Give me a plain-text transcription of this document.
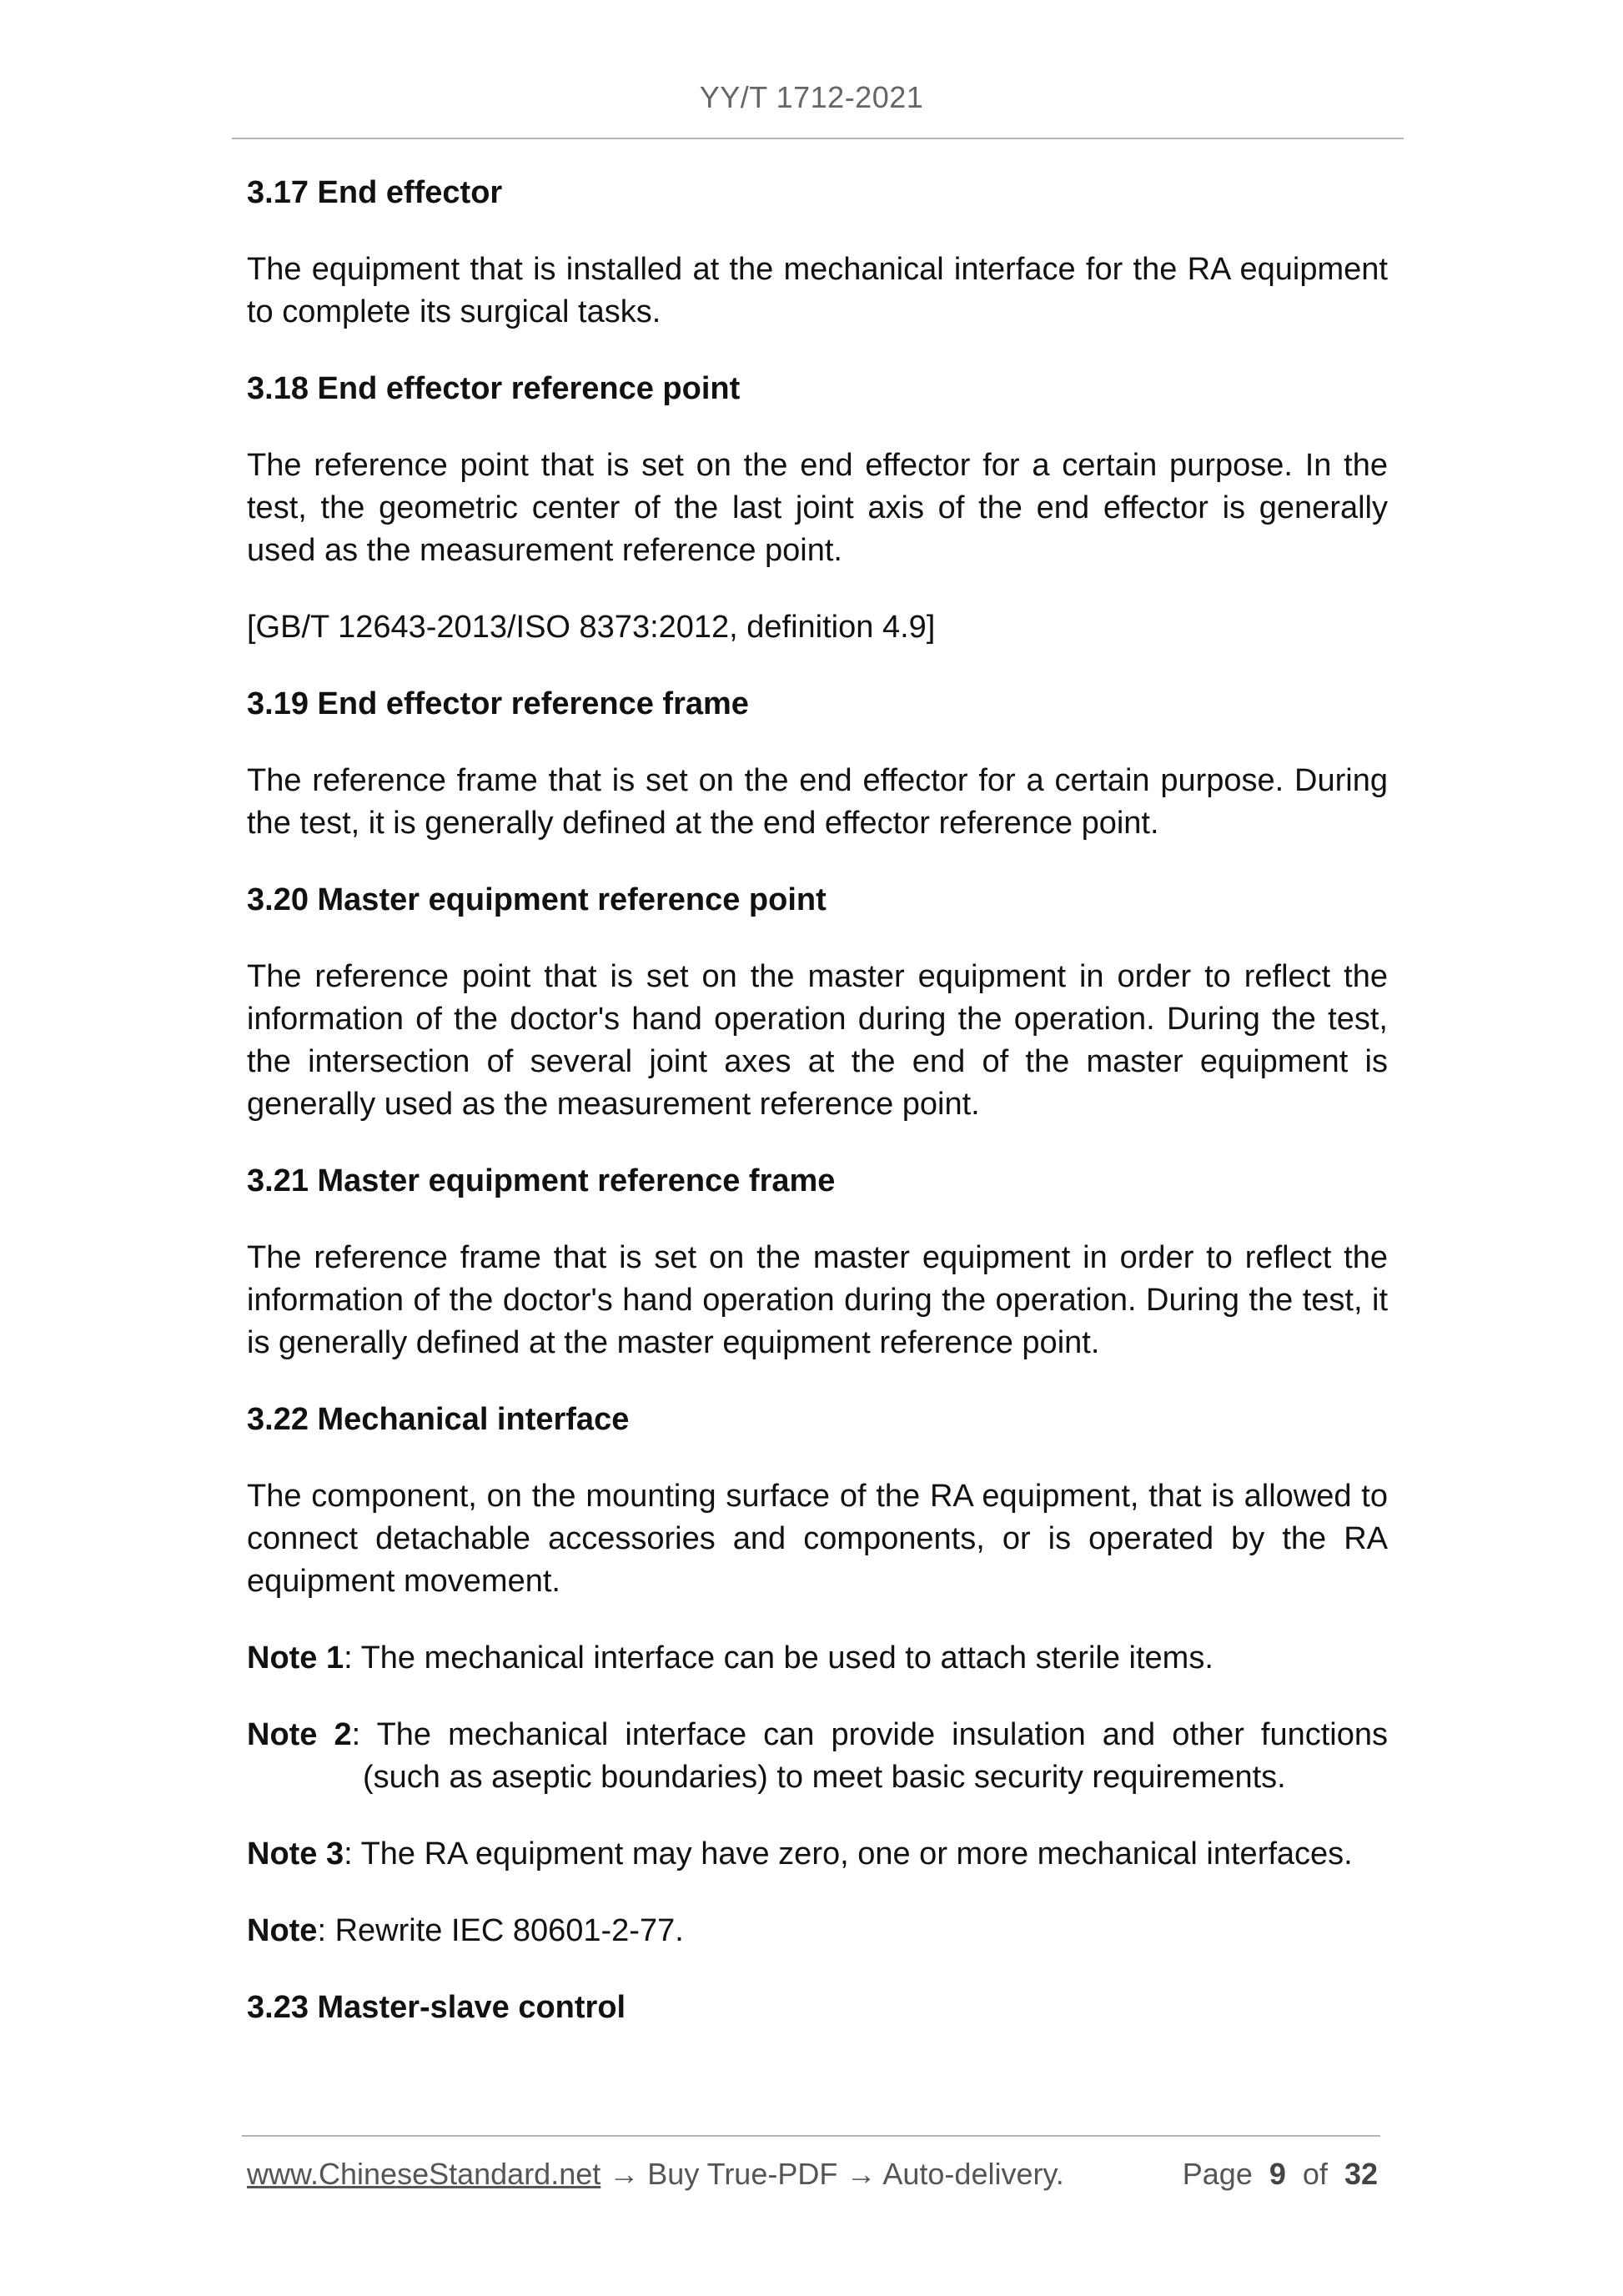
YY/T 1712-2021

3.17 End effector

The equipment that is installed at the mechanical interface for the RA equipment to complete its surgical tasks.

3.18 End effector reference point

The reference point that is set on the end effector for a certain purpose. In the test, the geometric center of the last joint axis of the end effector is generally used as the measurement reference point.

[GB/T 12643-2013/ISO 8373:2012, definition 4.9]

3.19 End effector reference frame

The reference frame that is set on the end effector for a certain purpose. During the test, it is generally defined at the end effector reference point.

3.20 Master equipment reference point

The reference point that is set on the master equipment in order to reflect the information of the doctor's hand operation during the operation. During the test, the intersection of several joint axes at the end of the master equipment is generally used as the measurement reference point.

3.21 Master equipment reference frame

The reference frame that is set on the master equipment in order to reflect the information of the doctor's hand operation during the operation. During the test, it is generally defined at the master equipment reference point.

3.22 Mechanical interface

The component, on the mounting surface of the RA equipment, that is allowed to connect detachable accessories and components, or is operated by the RA equipment movement.

Note 1: The mechanical interface can be used to attach sterile items.

Note 2: The mechanical interface can provide insulation and other functions (such as aseptic boundaries) to meet basic security requirements.

Note 3: The RA equipment may have zero, one or more mechanical interfaces.

Note: Rewrite IEC 80601-2-77.

3.23 Master-slave control

www.ChineseStandard.net → Buy True-PDF → Auto-delivery.	Page 9 of 32
